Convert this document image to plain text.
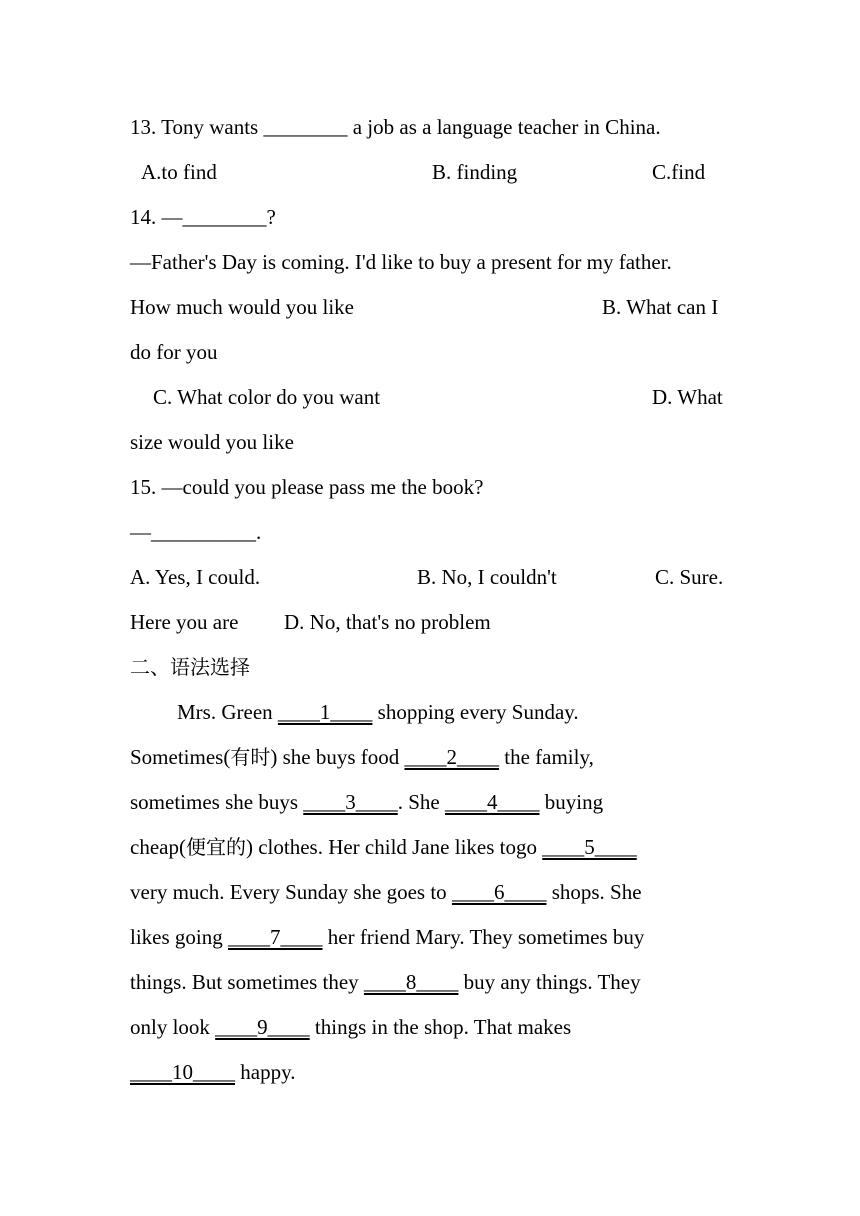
13. Tony wants ________ a job as a language teacher in China.
A.to find	B. finding	C.find
14. —________?
—Father's Day is coming. I'd like to buy a present for my father.
How much would you like	B. What can I
do for you
C. What color do you want	D. What
size would you like
15. —could you please pass me the book?
—__________.
A. Yes, I could.	B. No, I couldn't	C. Sure.
Here you are D. No, that's no problem
二、语法选择
Mrs. Green ____1____ shopping every Sunday.
Sometimes(有时) she buys food ____2____ the family,
sometimes she buys ____3____. She ____4____ buying
cheap(便宜的) clothes. Her child Jane likes togo ____5____
very much. Every Sunday she goes to ____6____ shops. She
likes going ____7____ her friend Mary. They sometimes buy
things. But sometimes they ____8____ buy any things. They
only look ____9____ things in the shop. That makes
____10____ happy.
